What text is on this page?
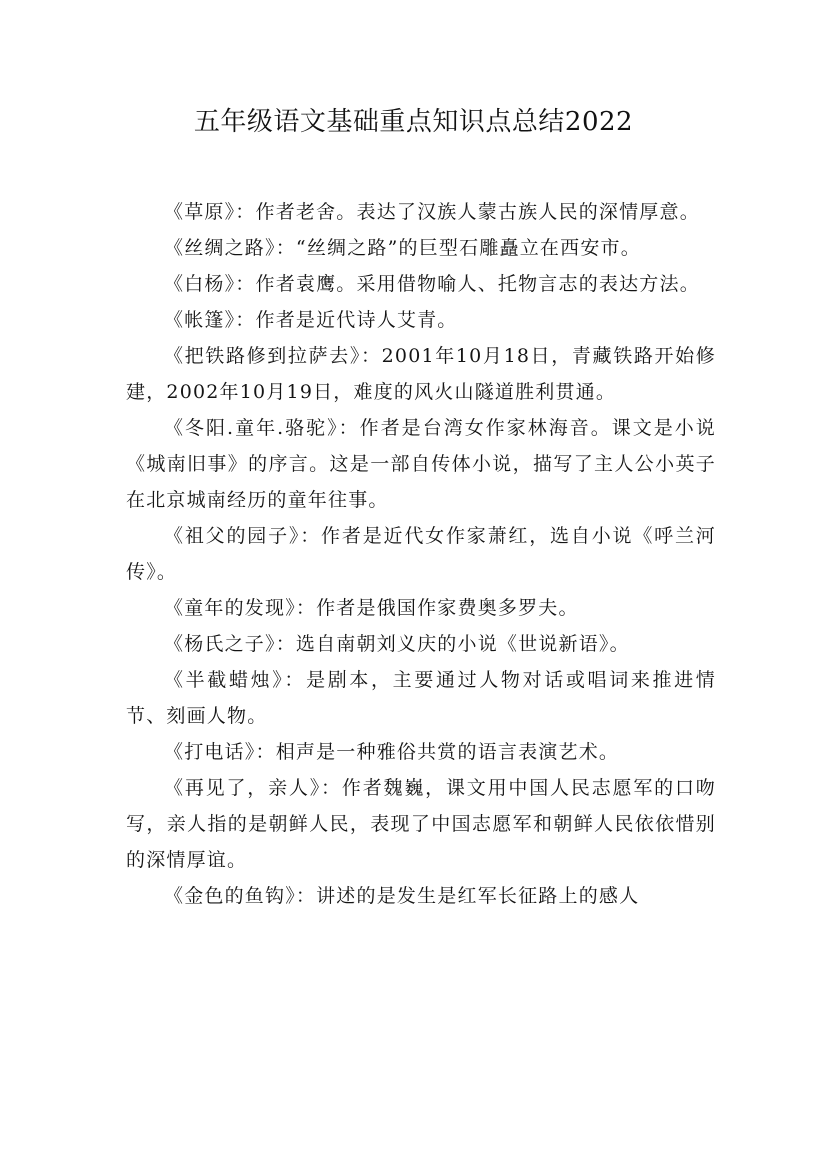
五年级语文基础重点知识点总结2022

《草原》：作者老舍。表达了汉族人蒙古族人民的深情厚意。

《丝绸之路》：“丝绸之路”的巨型石雕矗立在西安市。

《白杨》：作者袁鹰。采用借物喻人、托物言志的表达方法。

《帐篷》：作者是近代诗人艾青。

《把铁路修到拉萨去》：2001年10月18日，青藏铁路开始修建，2002年10月19日，难度的风火山隧道胜利贯通。

《冬阳.童年.骆驼》：作者是台湾女作家林海音。课文是小说《城南旧事》的序言。这是一部自传体小说，描写了主人公小英子在北京城南经历的童年往事。

《祖父的园子》：作者是近代女作家萧红，选自小说《呼兰河传》。

《童年的发现》：作者是俄国作家费奥多罗夫。

《杨氏之子》：选自南朝刘义庆的小说《世说新语》。

《半截蜡烛》：是剧本，主要通过人物对话或唱词来推进情节、刻画人物。

《打电话》：相声是一种雅俗共赏的语言表演艺术。

《再见了，亲人》：作者魏巍，课文用中国人民志愿军的口吻写，亲人指的是朝鲜人民，表现了中国志愿军和朝鲜人民依依惜别的深情厚谊。

《金色的鱼钩》：讲述的是发生是红军长征路上的感人
